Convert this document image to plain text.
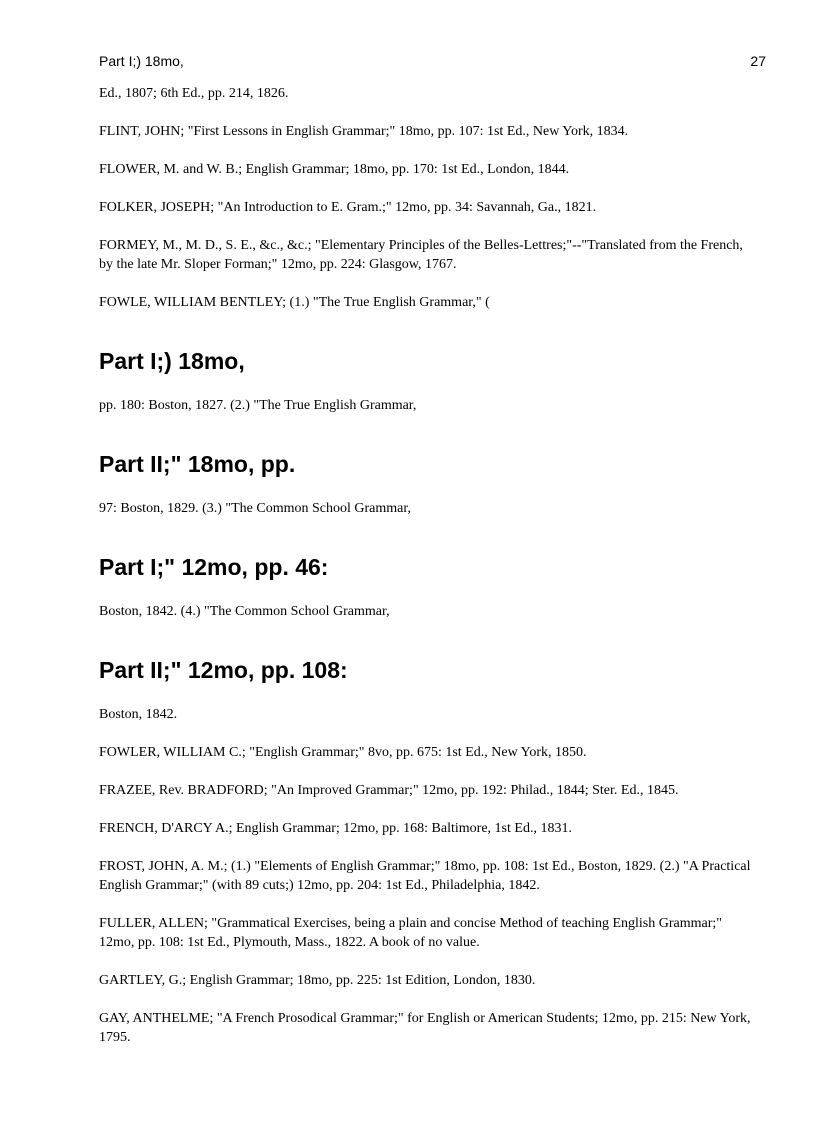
Part I;) 18mo,	27

Ed., 1807; 6th Ed., pp. 214, 1826.

FLINT, JOHN; "First Lessons in English Grammar;" 18mo, pp. 107: 1st Ed., New York, 1834.

FLOWER, M. and W. B.; English Grammar; 18mo, pp. 170: 1st Ed., London, 1844.

FOLKER, JOSEPH; "An Introduction to E. Gram.;" 12mo, pp. 34: Savannah, Ga., 1821.

FORMEY, M., M. D., S. E., &c., &c.; "Elementary Principles of the Belles-Lettres;"--"Translated from the French, by the late Mr. Sloper Forman;" 12mo, pp. 224: Glasgow, 1767.

FOWLE, WILLIAM BENTLEY; (1.) "The True English Grammar," (

Part I;) 18mo,

pp. 180: Boston, 1827. (2.) "The True English Grammar,

Part II;" 18mo, pp.

97: Boston, 1829. (3.) "The Common School Grammar,

Part I;" 12mo, pp. 46:

Boston, 1842. (4.) "The Common School Grammar,

Part II;" 12mo, pp. 108:

Boston, 1842.

FOWLER, WILLIAM C.; "English Grammar;" 8vo, pp. 675: 1st Ed., New York, 1850.

FRAZEE, Rev. BRADFORD; "An Improved Grammar;" 12mo, pp. 192: Philad., 1844; Ster. Ed., 1845.

FRENCH, D'ARCY A.; English Grammar; 12mo, pp. 168: Baltimore, 1st Ed., 1831.

FROST, JOHN, A. M.; (1.) "Elements of English Grammar;" 18mo, pp. 108: 1st Ed., Boston, 1829. (2.) "A Practical English Grammar;" (with 89 cuts;) 12mo, pp. 204: 1st Ed., Philadelphia, 1842.

FULLER, ALLEN; "Grammatical Exercises, being a plain and concise Method of teaching English Grammar;" 12mo, pp. 108: 1st Ed., Plymouth, Mass., 1822. A book of no value.

GARTLEY, G.; English Grammar; 18mo, pp. 225: 1st Edition, London, 1830.

GAY, ANTHELME; "A French Prosodical Grammar;" for English or American Students; 12mo, pp. 215: New York, 1795.
